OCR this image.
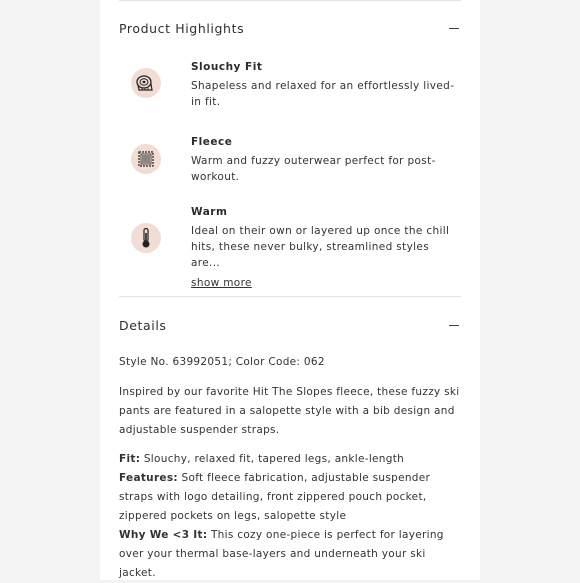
Product Highlights
Slouchy Fit
Shapeless and relaxed for an effortlessly lived-in fit.
Fleece
Warm and fuzzy outerwear perfect for post-workout.
Warm
Ideal on their own or layered up once the chill hits, these never bulky, streamlined styles are...
show more
Details

Style No. 63992051; Color Code: 062

Inspired by our favorite Hit The Slopes fleece, these fuzzy ski pants are featured in a salopette style with a bib design and adjustable suspender straps.

Fit: Slouchy, relaxed fit, tapered legs, ankle-length

Features: Soft fleece fabrication, adjustable suspender straps with logo detailing, front zippered pouch pocket, zippered pockets on legs, salopette style

Why We <3 It: This cozy one-piece is perfect for layering over your thermal base-layers and underneath your ski jacket.
